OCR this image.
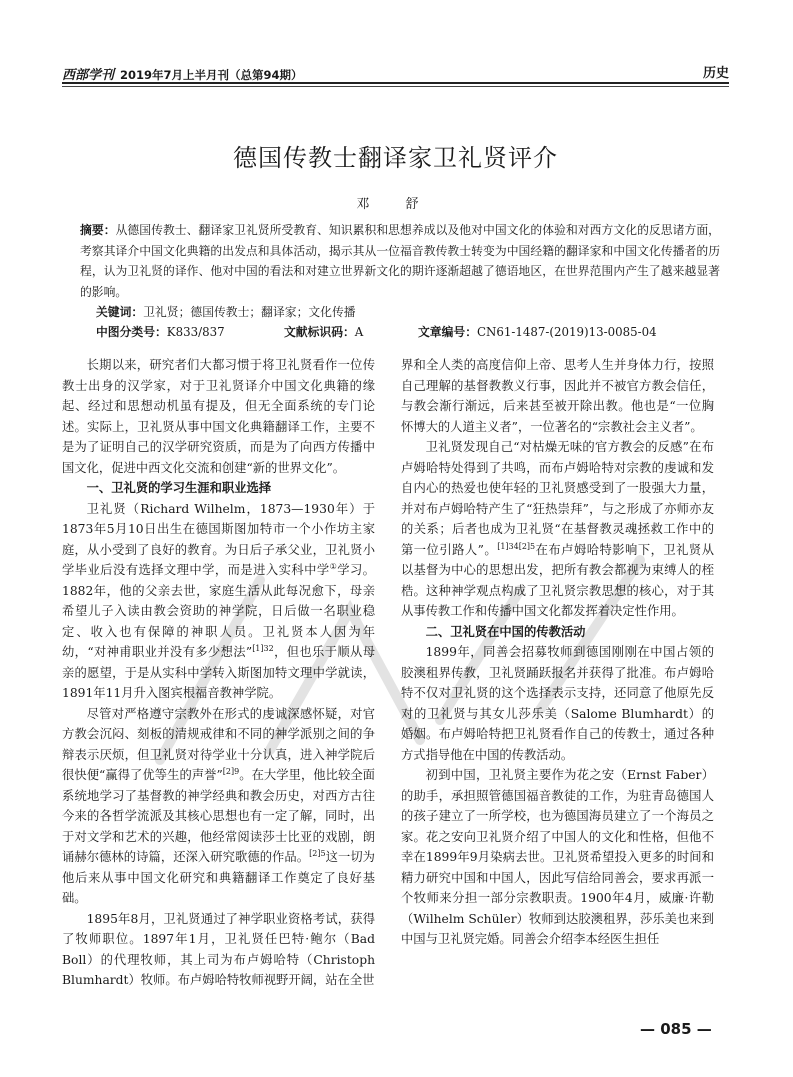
西部学刊 2019年7月上半月刊（总第94期）	历史
德国传教士翻译家卫礼贤评介
邓 舒
摘要：从德国传教士、翻译家卫礼贤所受教育、知识累积和思想养成以及他对中国文化的体验和对西方文化的反思诸方面，考察其译介中国文化典籍的出发点和具体活动，揭示其从一位福音教传教士转变为中国经籍的翻译家和中国文化传播者的历程，认为卫礼贤的译作、他对中国的看法和对建立世界新文化的期许逐渐超越了德语地区，在世界范围内产生了越来越显著的影响。
关键词：卫礼贤；德国传教士；翻译家；文化传播
中图分类号：K833/837	文献标识码：A	文章编号：CN61-1487-(2019)13-0085-04

长期以来，研究者们大都习惯于将卫礼贤看作一位传教士出身的汉学家，对于卫礼贤译介中国文化典籍的缘起、经过和思想动机虽有提及，但无全面系统的专门论述。实际上，卫礼贤从事中国文化典籍翻译工作，主要不是为了证明自己的汉学研究资质，而是为了向西方传播中国文化，促进中西文化交流和创建“新的世界文化”。

一、卫礼贤的学习生涯和职业选择

卫礼贤（Richard Wilhelm，1873—1930年）于1873年5月10日出生在德国斯图加特市一个小作坊主家庭，从小受到了良好的教育。为日后子承父业，卫礼贤小学毕业后没有选择文理中学，而是进入实科中学①学习。1882年，他的父亲去世，家庭生活从此每况愈下，母亲希望儿子入读由教会资助的神学院，日后做一名职业稳定、收入也有保障的神职人员。卫礼贤本人因为年幼，“对神甫职业并没有多少想法”$^{[1]32}$，但也乐于顺从母亲的愿望，于是从实科中学转入斯图加特文理中学就读，1891年11月升入图宾根福音教神学院。

尽管对严格遵守宗教外在形式的虔诚深感怀疑，对官方教会沉闷、刻板的清规戒律和不同的神学派别之间的争辩表示厌烦，但卫礼贤对待学业十分认真，进入神学院后很快便“赢得了优等生的声誉”$^{[2]9}$。在大学里，他比较全面系统地学习了基督教的神学经典和教会历史，对西方古往今来的各哲学流派及其核心思想也有一定了解，同时，出于对文学和艺术的兴趣，他经常阅读莎士比亚的戏剧，朗诵赫尔德林的诗篇，还深入研究歌德的作品。$^{[2]5}$这一切为他后来从事中国文化研究和典籍翻译工作奠定了良好基础。

1895年8月，卫礼贤通过了神学职业资格考试，获得了牧师职位。1897年1月，卫礼贤任巴特·鲍尔（Bad Boll）的代理牧师，其上司为布卢姆哈特（Christoph Blumhardt）牧师。布卢姆哈特牧师视野开阔，站在全世

界和全人类的高度信仰上帝、思考人生并身体力行，按照自己理解的基督教教义行事，因此并不被官方教会信任，与教会渐行渐远，后来甚至被开除出教。他也是“一位胸怀博大的人道主义者”，一位著名的“宗教社会主义者”。

卫礼贤发现自己“对枯燥无味的官方教会的反感”在布卢姆哈特处得到了共鸣，而布卢姆哈特对宗教的虔诚和发自内心的热爱也使年轻的卫礼贤感受到了一股强大力量，并对布卢姆哈特产生了“狂热崇拜”，与之形成了亦师亦友的关系；后者也成为卫礼贤“在基督教灵魂拯救工作中的第一位引路人”。$^{[1]34[2]5}$在布卢姆哈特影响下，卫礼贤从以基督为中心的思想出发，把所有教会都视为束缚人的桎梏。这种神学观点构成了卫礼贤宗教思想的核心，对于其从事传教工作和传播中国文化都发挥着决定性作用。

二、卫礼贤在中国的传教活动

1899年，同善会招募牧师到德国刚刚在中国占领的胶澳租界传教，卫礼贤踊跃报名并获得了批准。布卢姆哈特不仅对卫礼贤的这个选择表示支持，还同意了他原先反对的卫礼贤与其女儿莎乐美（Salome Blumhardt）的婚姻。布卢姆哈特把卫礼贤看作自己的传教士，通过各种方式指导他在中国的传教活动。

初到中国，卫礼贤主要作为花之安（Ernst Faber）的助手，承担照管德国福音教徒的工作，为驻青岛德国人的孩子建立了一所学校，也为德国海员建立了一个海员之家。花之安向卫礼贤介绍了中国人的文化和性格，但他不幸在1899年9月染病去世。卫礼贤希望投入更多的时间和精力研究中国和中国人，因此写信给同善会，要求再派一个牧师来分担一部分宗教职责。1900年4月，威廉·许勒（Wilhelm Schüler）牧师到达胶澳租界，莎乐美也来到中国与卫礼贤完婚。同善会介绍李本经医生担任

— 085 —
